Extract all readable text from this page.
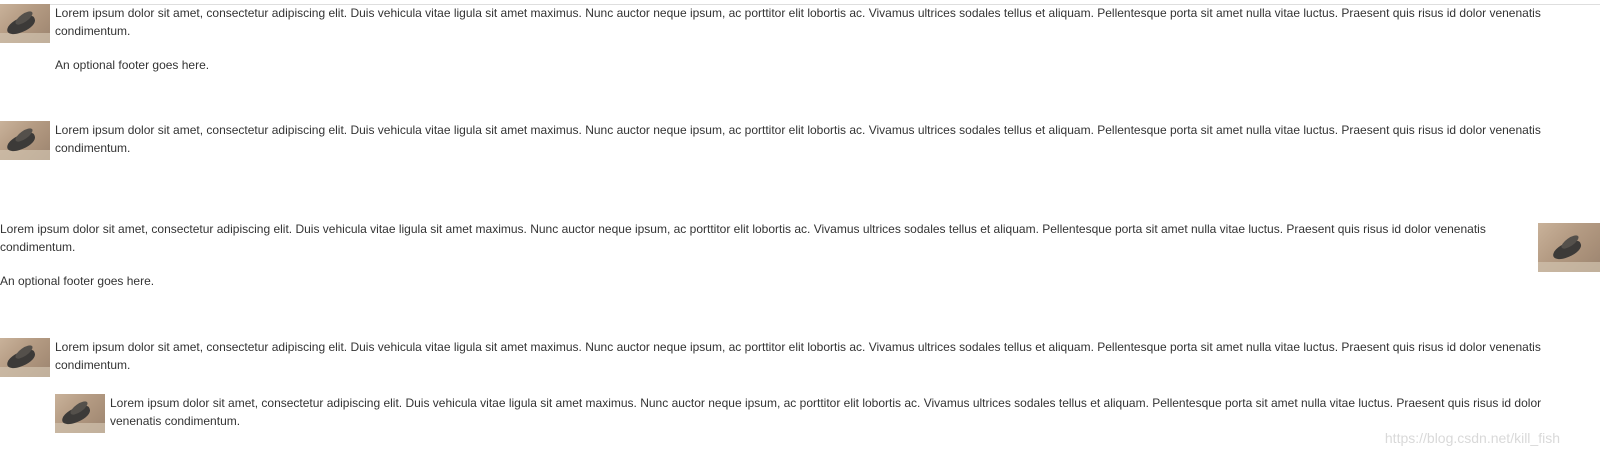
Lorem ipsum dolor sit amet, consectetur adipiscing elit. Duis vehicula vitae ligula sit amet maximus. Nunc auctor neque ipsum, ac porttitor elit lobortis ac. Vivamus ultrices sodales tellus et aliquam. Pellentesque porta sit amet nulla vitae luctus. Praesent quis risus id dolor venenatis condimentum.

An optional footer goes here.

Lorem ipsum dolor sit amet, consectetur adipiscing elit. Duis vehicula vitae ligula sit amet maximus. Nunc auctor neque ipsum, ac porttitor elit lobortis ac. Vivamus ultrices sodales tellus et aliquam. Pellentesque porta sit amet nulla vitae luctus. Praesent quis risus id dolor venenatis condimentum.

Lorem ipsum dolor sit amet, consectetur adipiscing elit. Duis vehicula vitae ligula sit amet maximus. Nunc auctor neque ipsum, ac porttitor elit lobortis ac. Vivamus ultrices sodales tellus et aliquam. Pellentesque porta sit amet nulla vitae luctus. Praesent quis risus id dolor venenatis condimentum.

An optional footer goes here.

Lorem ipsum dolor sit amet, consectetur adipiscing elit. Duis vehicula vitae ligula sit amet maximus. Nunc auctor neque ipsum, ac porttitor elit lobortis ac. Vivamus ultrices sodales tellus et aliquam. Pellentesque porta sit amet nulla vitae luctus. Praesent quis risus id dolor venenatis condimentum.

Lorem ipsum dolor sit amet, consectetur adipiscing elit. Duis vehicula vitae ligula sit amet maximus. Nunc auctor neque ipsum, ac porttitor elit lobortis ac. Vivamus ultrices sodales tellus et aliquam. Pellentesque porta sit amet nulla vitae luctus. Praesent quis risus id dolor venenatis condimentum.

https://blog.csdn.net/kill_fish
